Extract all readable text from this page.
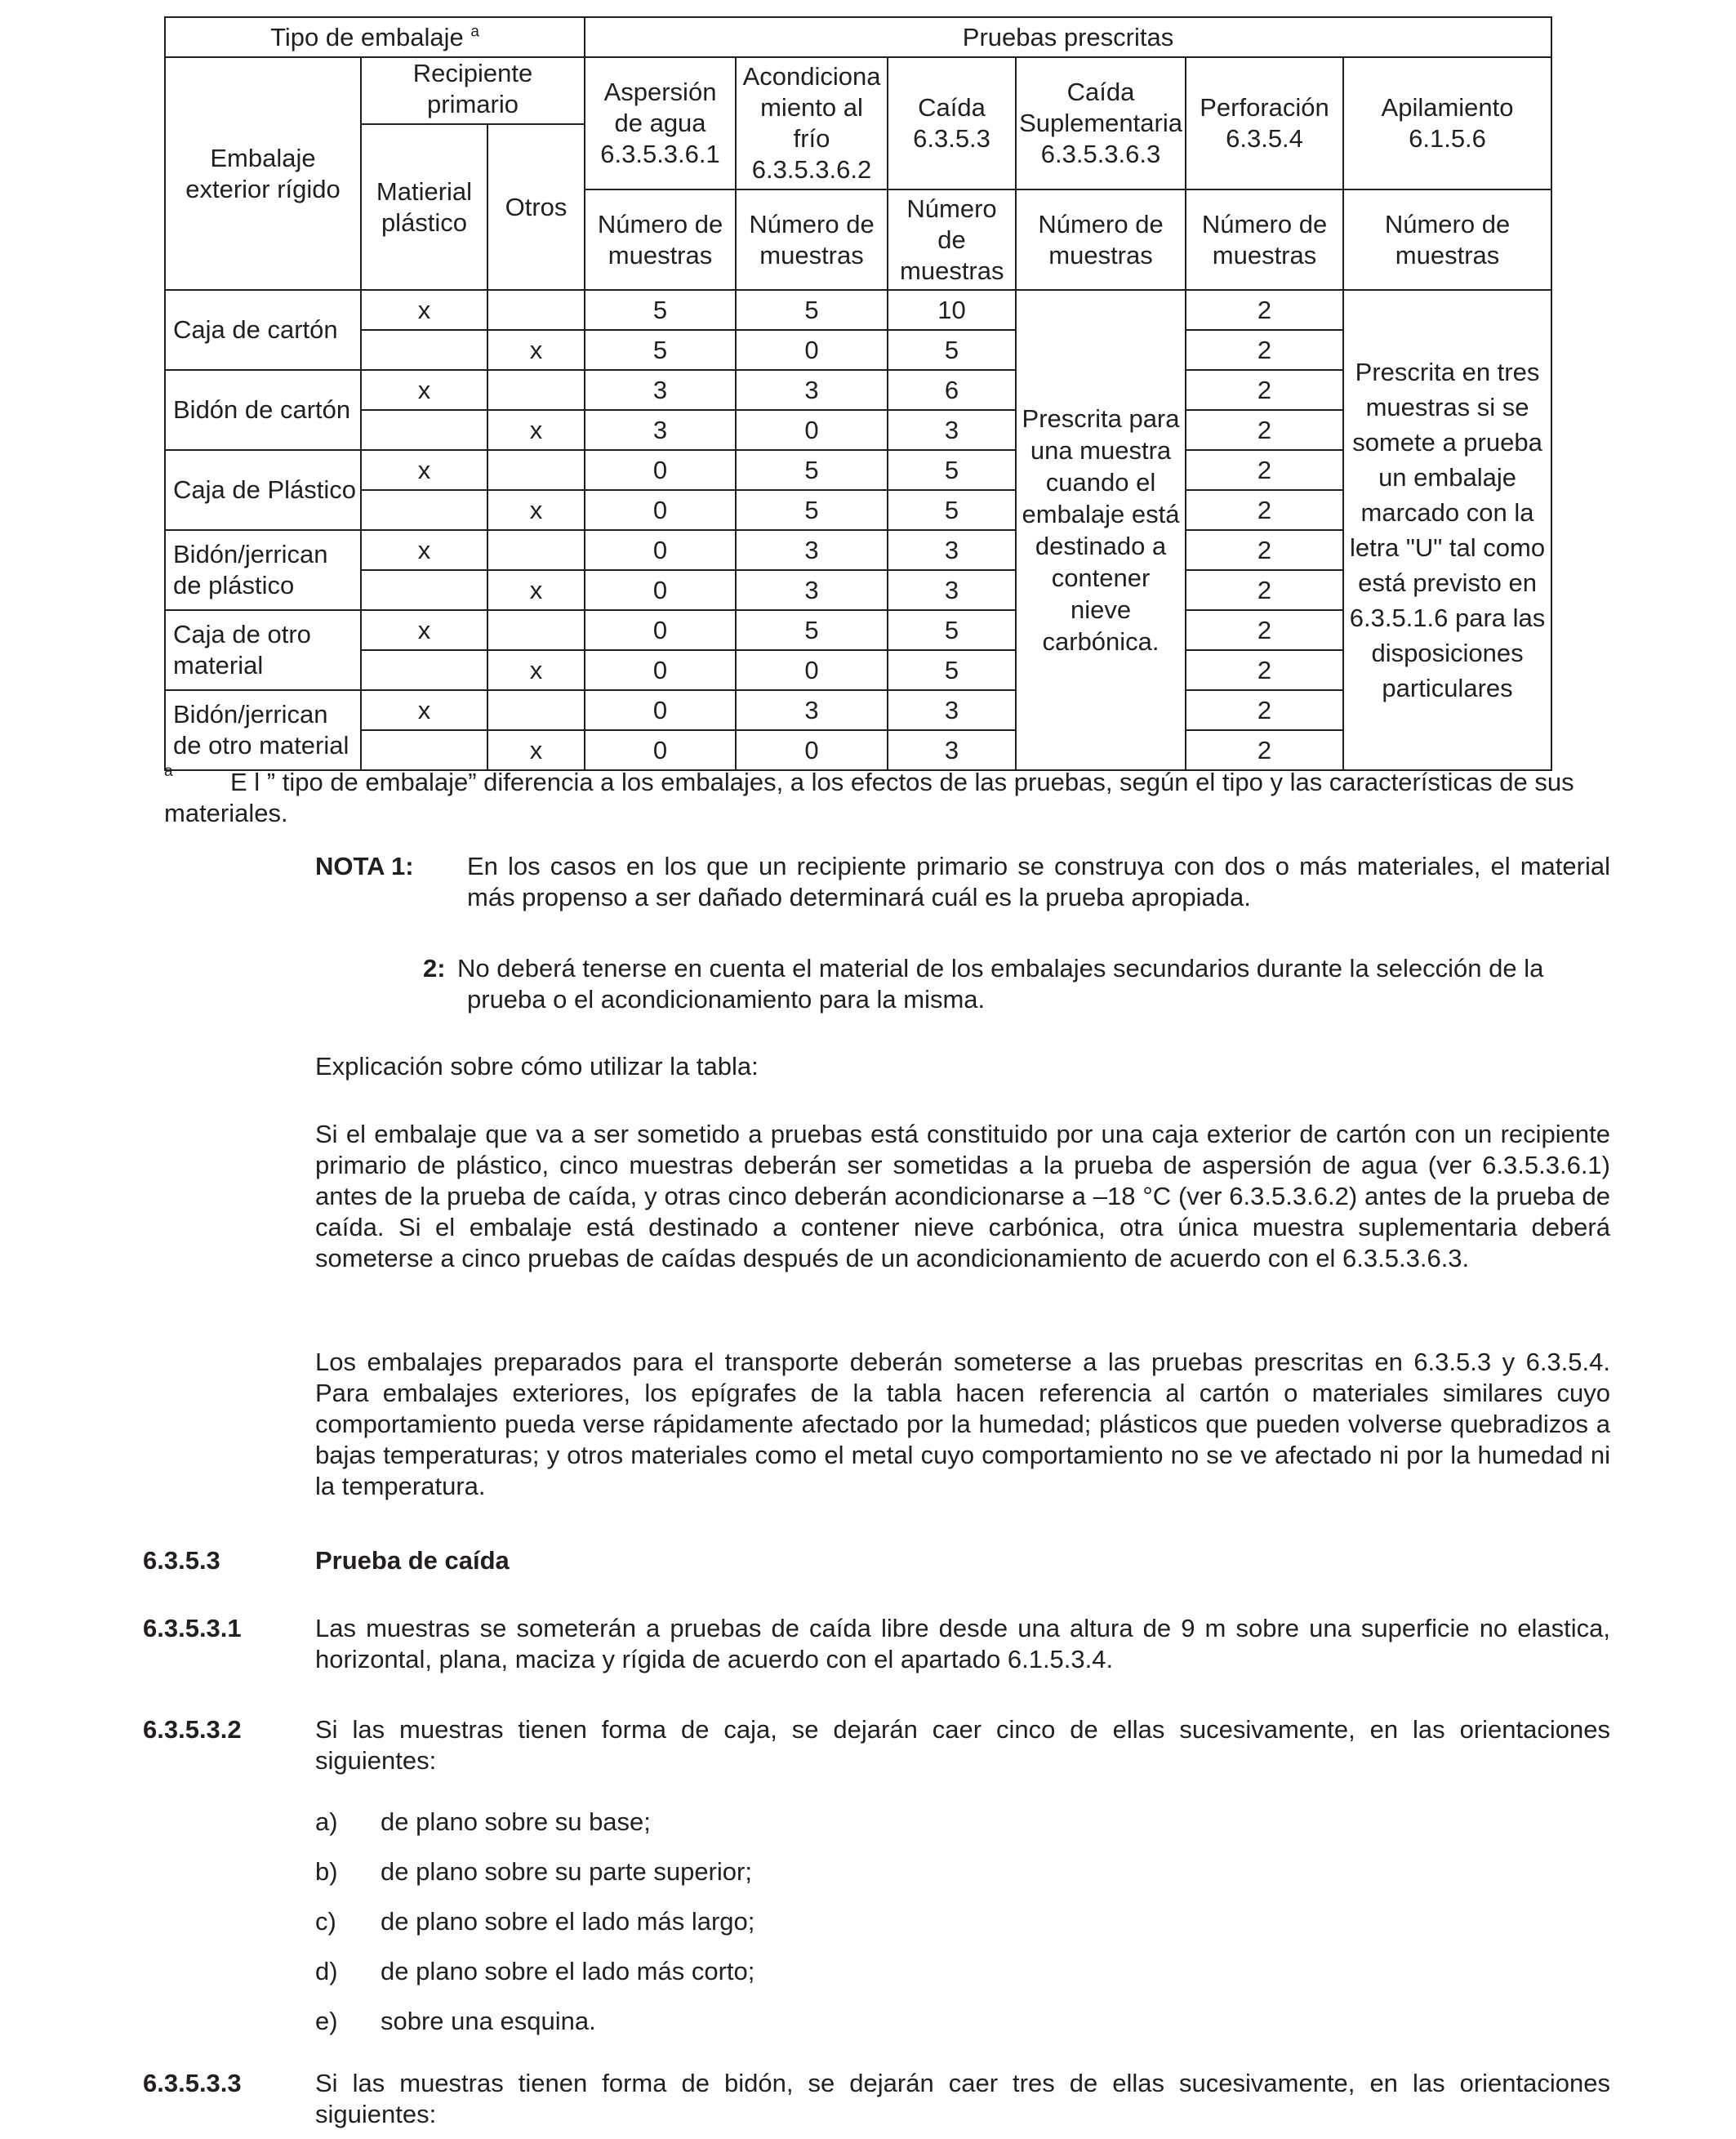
Tipo de embalaje $^a$			Pruebas prescritas					
Embalaje exterior rígido	Recipiente primario		Aspersión de agua 6.3.5.3.6.1	Acondiciona miento al frío 6.3.5.3.6.2	Caída 6.3.5.3	Caída Suplementaria 6.3.5.3.6.3	Perforación 6.3.5.4	Apilamiento 6.1.5.6
	Matierial plástico	Otros						
			Número de muestras	Número de muestras	Número de muestras	Número de muestras	Número de muestras	Número de muestras
Caja de cartón	x		5	5	10	Prescrita para una muestra cuando el embalaje está destinado a contener nieve carbónica.	2	Prescrita en tres muestras si se somete a prueba un embalaje marcado con la letra "U" tal como está previsto en 6.3.5.1.6 para las disposiciones particulares
		x	5	0	5		2	
Bidón de cartón	x		3	3	6		2	
		x	3	0	3		2	
Caja de Plástico	x		0	5	5		2	
		x	0	5	5		2	
Bidón/jerrican de plástico	x		0	3	3		2	
		x	0	3	3		2	
Caja de otro material	x		0	5	5		2	
		x	0	0	5		2	
Bidón/jerrican de otro material	x		0	3	3		2	
		x	0	0	3		2	
a E l ” tipo de embalaje” diferencia a los embalajes, a los efectos de las pruebas, según el tipo y las características de sus
materiales.
NOTA 1: En los casos en los que un recipiente primario se construya con dos o más materiales, el material más propenso a ser dañado determinará cuál es la prueba apropiada.
2: No deberá tenerse en cuenta el material de los embalajes secundarios durante la selección de la
prueba o el acondicionamiento para la misma.
Explicación sobre cómo utilizar la tabla:
Si el embalaje que va a ser sometido a pruebas está constituido por una caja exterior de cartón con un recipiente primario de plástico, cinco muestras deberán ser sometidas a la prueba de aspersión de agua (ver 6.3.5.3.6.1) antes de la prueba de caída, y otras cinco deberán acondicionarse a –18 °C (ver 6.3.5.3.6.2) antes de la prueba de caída. Si el embalaje está destinado a contener nieve carbónica, otra única muestra suplementaria deberá someterse a cinco pruebas de caídas después de un acondicionamiento de acuerdo con el 6.3.5.3.6.3.
Los embalajes preparados para el transporte deberán someterse a las pruebas prescritas en 6.3.5.3 y 6.3.5.4. Para embalajes exteriores, los epígrafes de la tabla hacen referencia al cartón o materiales similares cuyo comportamiento pueda verse rápidamente afectado por la humedad; plásticos que pueden volverse quebradizos a bajas temperaturas; y otros materiales como el metal cuyo comportamiento no se ve afectado ni por la humedad ni la temperatura.
6.3.5.3	Prueba de caída
6.3.5.3.1	Las muestras se someterán a pruebas de caída libre desde una altura de 9 m sobre una superficie no elastica, horizontal, plana, maciza y rígida de acuerdo con el apartado 6.1.5.3.4.
6.3.5.3.2	Si las muestras tienen forma de caja, se dejarán caer cinco de ellas sucesivamente, en las orientaciones siguientes:
a) de plano sobre su base;
b) de plano sobre su parte superior;
c) de plano sobre el lado más largo;
d) de plano sobre el lado más corto;
e) sobre una esquina.
6.3.5.3.3	Si las muestras tienen forma de bidón, se dejarán caer tres de ellas sucesivamente, en las orientaciones siguientes:
